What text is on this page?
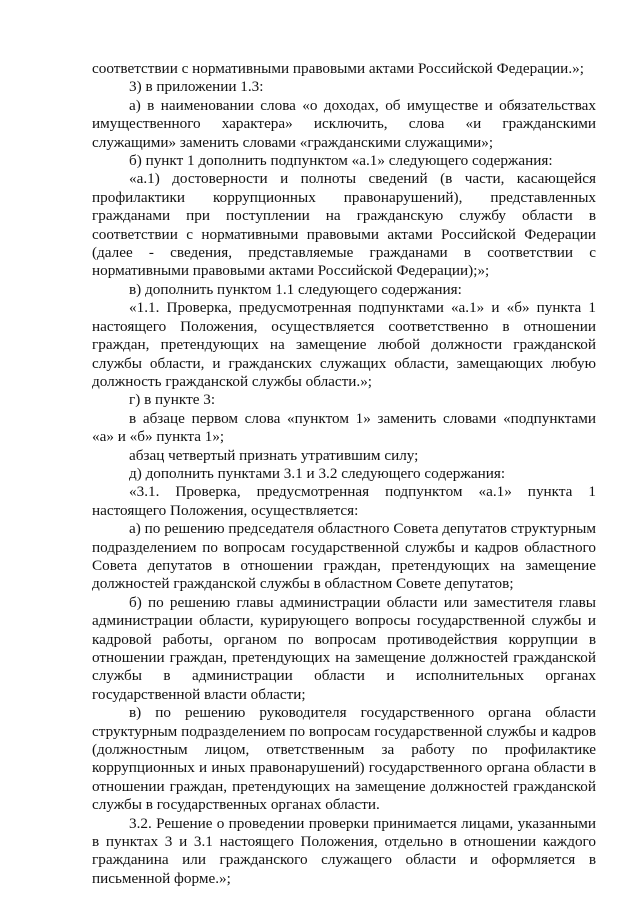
соответствии с нормативными правовыми актами Российской Федерации.»;

3) в приложении 1.3:

а) в наименовании слова «о доходах, об имуществе и обязательствах имущественного характера» исключить, слова «и гражданскими служащими» заменить словами «гражданскими служащими»;

б) пункт 1 дополнить подпунктом «а.1» следующего содержания:

«а.1) достоверности и полноты сведений (в части, касающейся профилактики коррупционных правонарушений), представленных гражданами при поступлении на гражданскую службу области в соответствии с нормативными правовыми актами Российской Федерации (далее - сведения, представляемые гражданами в соответствии с нормативными правовыми актами Российской Федерации);»;

в) дополнить пунктом 1.1 следующего содержания:

«1.1. Проверка, предусмотренная подпунктами «а.1» и «б» пункта 1 настоящего Положения, осуществляется соответственно в отношении граждан, претендующих на замещение любой должности гражданской службы области, и гражданских служащих области, замещающих любую должность гражданской службы области.»;

г) в пункте 3:

в абзаце первом слова «пунктом 1» заменить словами «подпунктами «а» и «б» пункта 1»;

абзац четвертый признать утратившим силу;

д) дополнить пунктами 3.1 и 3.2 следующего содержания:

«3.1. Проверка, предусмотренная подпунктом «а.1» пункта 1 настоящего Положения, осуществляется:

а) по решению председателя областного Совета депутатов структурным подразделением по вопросам государственной службы и кадров областного Совета депутатов в отношении граждан, претендующих на замещение должностей гражданской службы в областном Совете депутатов;

б) по решению главы администрации области или заместителя главы администрации области, курирующего вопросы государственной службы и кадровой работы, органом по вопросам противодействия коррупции в отношении граждан, претендующих на замещение должностей гражданской службы в администрации области и исполнительных органах государственной власти области;

в) по решению руководителя государственного органа области структурным подразделением по вопросам государственной службы и кадров (должностным лицом, ответственным за работу по профилактике коррупционных и иных правонарушений) государственного органа области в отношении граждан, претендующих на замещение должностей гражданской службы в государственных органах области.

3.2. Решение о проведении проверки принимается лицами, указанными в пунктах 3 и 3.1 настоящего Положения, отдельно в отношении каждого гражданина или гражданского служащего области и оформляется в письменной форме.»;
